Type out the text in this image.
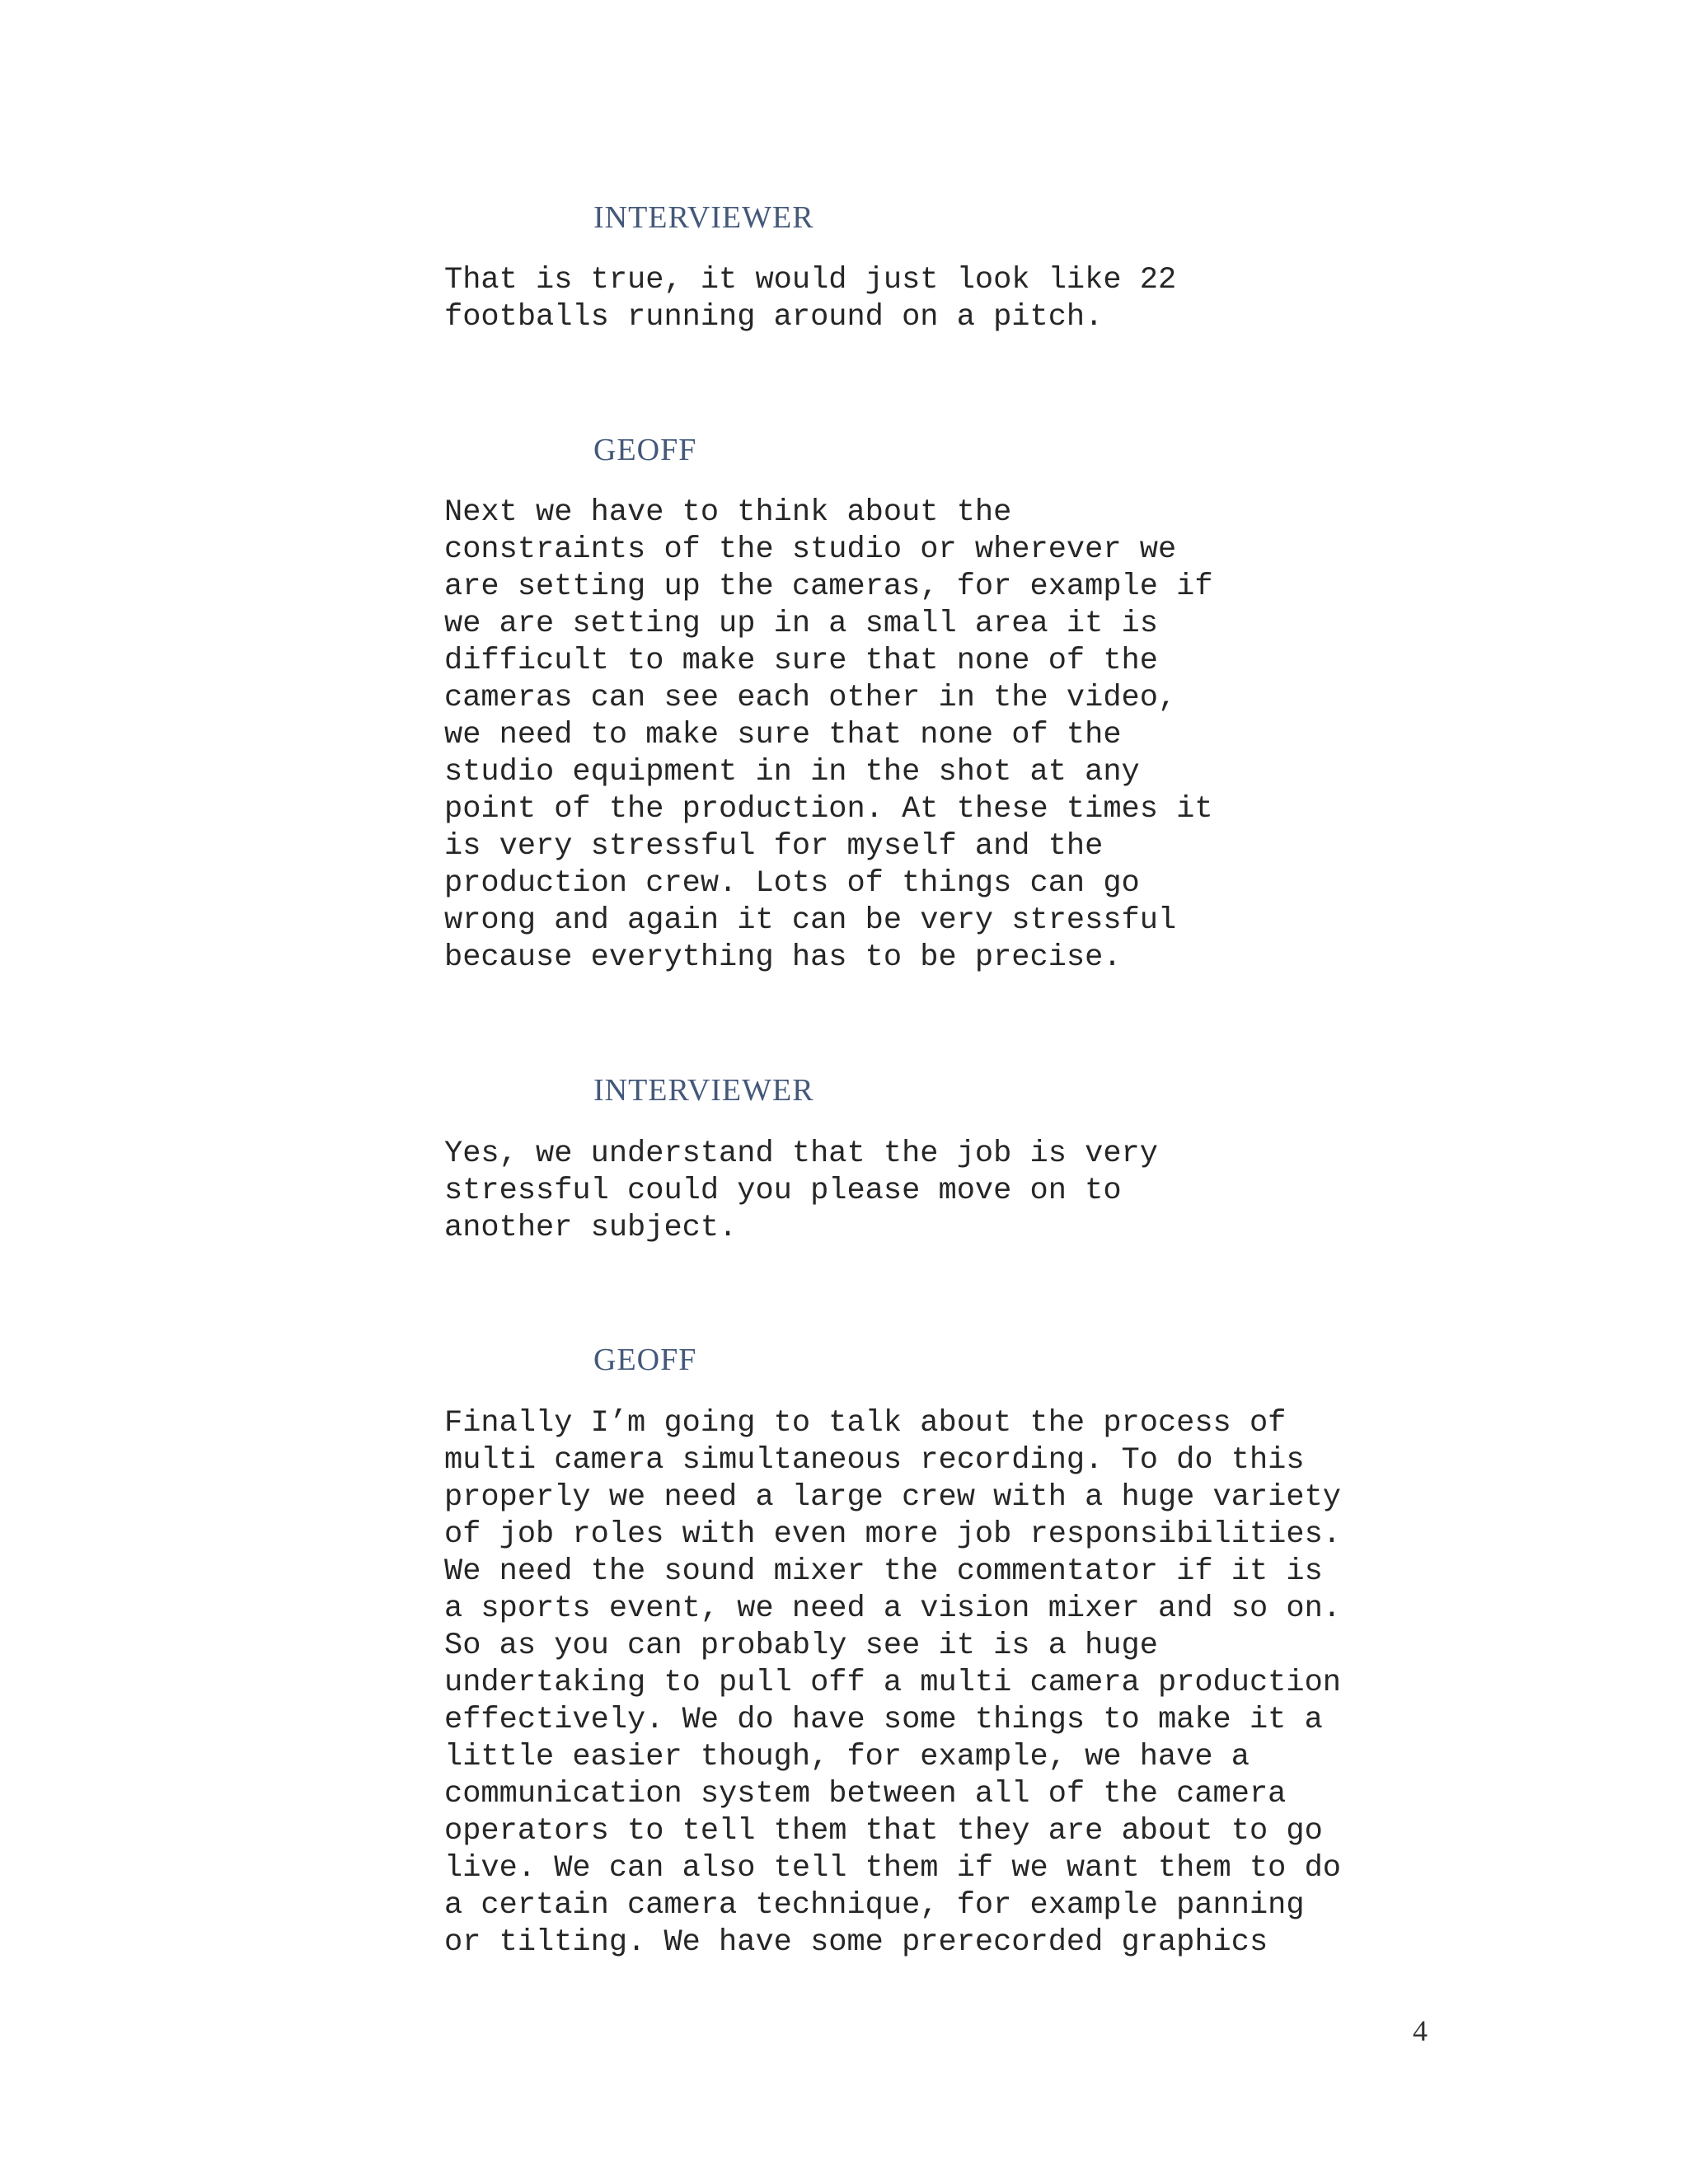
INTERVIEWER
That is true, it would just look like 22
footballs running around on a pitch.
GEOFF
Next we have to think about the
constraints of the studio or wherever we
are setting up the cameras, for example if
we are setting up in a small area it is
difficult to make sure that none of the
cameras can see each other in the video,
we need to make sure that none of the
studio equipment in in the shot at any
point of the production. At these times it
is very stressful for myself and the
production crew. Lots of things can go
wrong and again it can be very stressful
because everything has to be precise.
INTERVIEWER
Yes, we understand that the job is very
stressful could you please move on to
another subject.
GEOFF
Finally I’m going to talk about the process of
multi camera simultaneous recording. To do this
properly we need a large crew with a huge variety
of job roles with even more job responsibilities.
We need the sound mixer the commentator if it is
a sports event, we need a vision mixer and so on.
So as you can probably see it is a huge
undertaking to pull off a multi camera production
effectively. We do have some things to make it a
little easier though, for example, we have a
communication system between all of the camera
operators to tell them that they are about to go
live. We can also tell them if we want them to do
a certain camera technique, for example panning
or tilting. We have some prerecorded graphics
4
